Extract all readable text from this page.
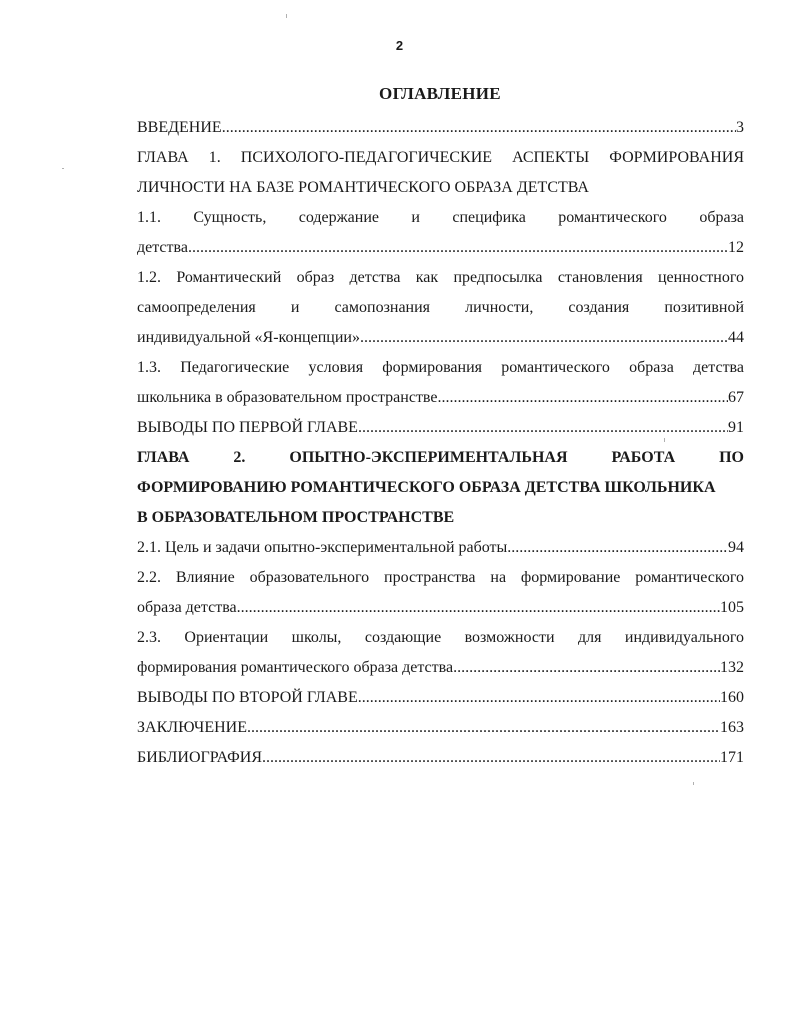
2
ОГЛАВЛЕНИЕ
ВВЕДЕНИЕ .....	3
ГЛАВА 1. ПСИХОЛОГО-ПЕДАГОГИЧЕСКИЕ АСПЕКТЫ ФОРМИРОВАНИЯ
ЛИЧНОСТИ НА БАЗЕ РОМАНТИЧЕСКОГО ОБРАЗА ДЕТСТВА
1.1. Сущность, содержание и специфика романтического образа
детства .....	12
1.2. Романтический образ детства как предпосылка становления ценностного
самоопределения и самопознания личности, создания позитивной
индивидуальной «Я-концепции» .....	44
1.3. Педагогические условия формирования романтического образа детства
школьника в образовательном пространстве .....	67
ВЫВОДЫ ПО ПЕРВОЙ ГЛАВЕ .....	91
ГЛАВА 2. ОПЫТНО-ЭКСПЕРИМЕНТАЛЬНАЯ РАБОТА ПО
ФОРМИРОВАНИЮ РОМАНТИЧЕСКОГО ОБРАЗА ДЕТСТВА ШКОЛЬНИКА
В ОБРАЗОВАТЕЛЬНОМ ПРОСТРАНСТВЕ
2.1. Цель и задачи опытно-экспериментальной работы .....	94
2.2. Влияние образовательного пространства на формирование романтического
образа детства .....	105
2.3. Ориентации школы, создающие возможности для индивидуального
формирования романтического образа детства .....	132
ВЫВОДЫ ПО ВТОРОЙ ГЛАВЕ .....	160
ЗАКЛЮЧЕНИЕ .....	163
БИБЛИОГРАФИЯ .....	171
